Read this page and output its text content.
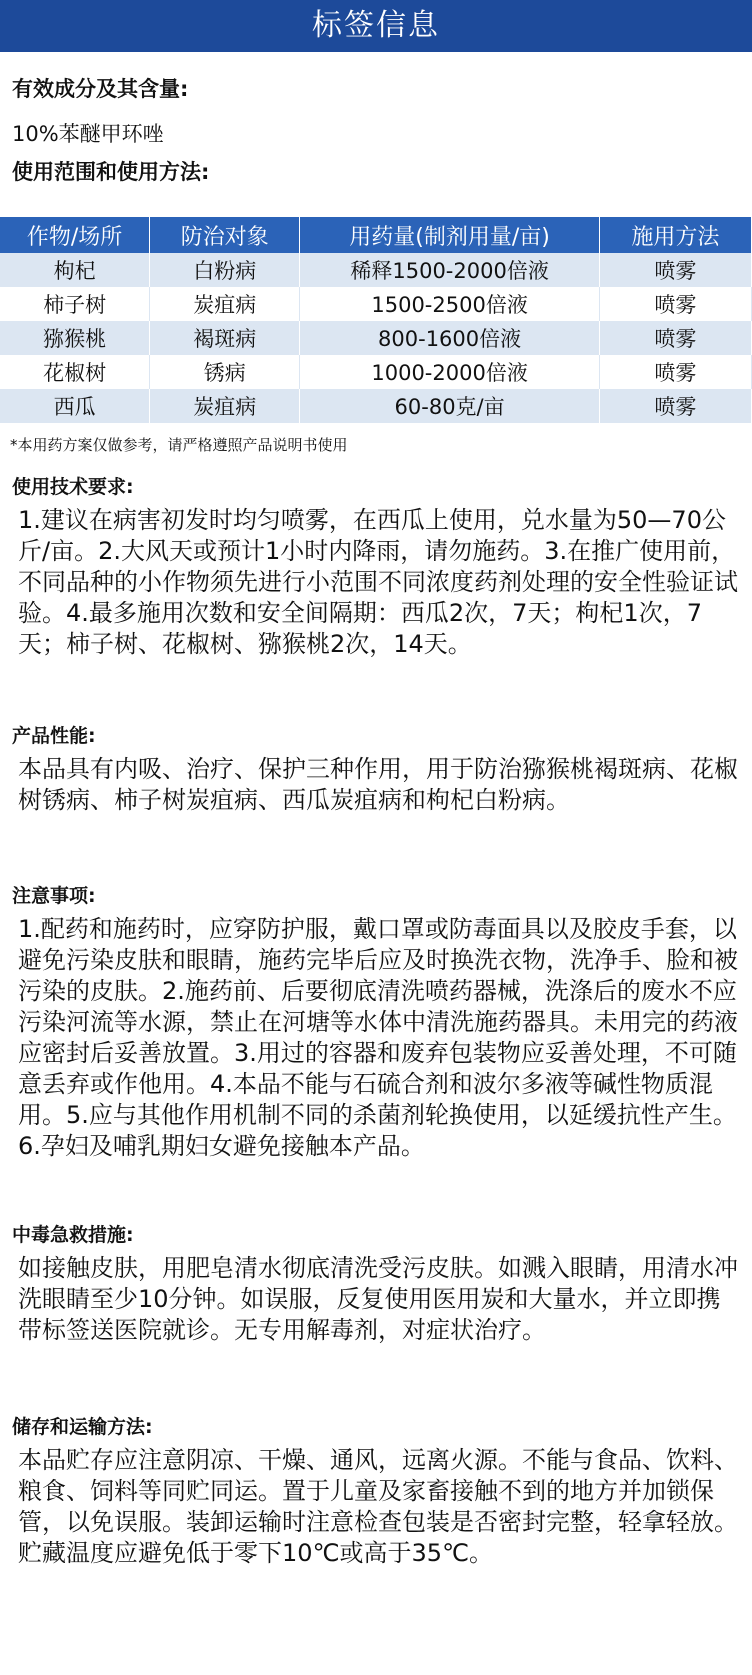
标签信息
有效成分及其含量:
10%苯醚甲环唑
使用范围和使用方法:
作物/场所	防治对象	用药量(制剂用量/亩)	施用方法
枸杞	白粉病	稀释1500-2000倍液	喷雾
柿子树	炭疽病	1500-2500倍液	喷雾
猕猴桃	褐斑病	800-1600倍液	喷雾
花椒树	锈病	1000-2000倍液	喷雾
西瓜	炭疽病	60-80克/亩	喷雾
*本用药方案仅做参考，请严格遵照产品说明书使用
使用技术要求:
1.建议在病害初发时均匀喷雾，在西瓜上使用，兑水量为50—70公斤/亩。2.大风天或预计1小时内降雨，请勿施药。3.在推广使用前，不同品种的小作物须先进行小范围不同浓度药剂处理的安全性验证试验。4.最多施用次数和安全间隔期：西瓜2次，7天；枸杞1次，7天；柿子树、花椒树、猕猴桃2次，14天。
产品性能:
本品具有内吸、治疗、保护三种作用，用于防治猕猴桃褐斑病、花椒树锈病、柿子树炭疽病、西瓜炭疽病和枸杞白粉病。
注意事项:
1.配药和施药时，应穿防护服，戴口罩或防毒面具以及胶皮手套，以避免污染皮肤和眼睛，施药完毕后应及时换洗衣物，洗净手、脸和被污染的皮肤。2.施药前、后要彻底清洗喷药器械，洗涤后的废水不应污染河流等水源，禁止在河塘等水体中清洗施药器具。未用完的药液应密封后妥善放置。3.用过的容器和废弃包装物应妥善处理，不可随意丢弃或作他用。4.本品不能与石硫合剂和波尔多液等碱性物质混用。5.应与其他作用机制不同的杀菌剂轮换使用，以延缓抗性产生。6.孕妇及哺乳期妇女避免接触本产品。
中毒急救措施:
如接触皮肤，用肥皂清水彻底清洗受污皮肤。如溅入眼睛，用清水冲洗眼睛至少10分钟。如误服，反复使用医用炭和大量水，并立即携带标签送医院就诊。无专用解毒剂，对症状治疗。
储存和运输方法:
本品贮存应注意阴凉、干燥、通风，远离火源。不能与食品、饮料、粮食、饲料等同贮同运。置于儿童及家畜接触不到的地方并加锁保管，以免误服。装卸运输时注意检查包装是否密封完整，轻拿轻放。贮藏温度应避免低于零下10℃或高于35℃。
